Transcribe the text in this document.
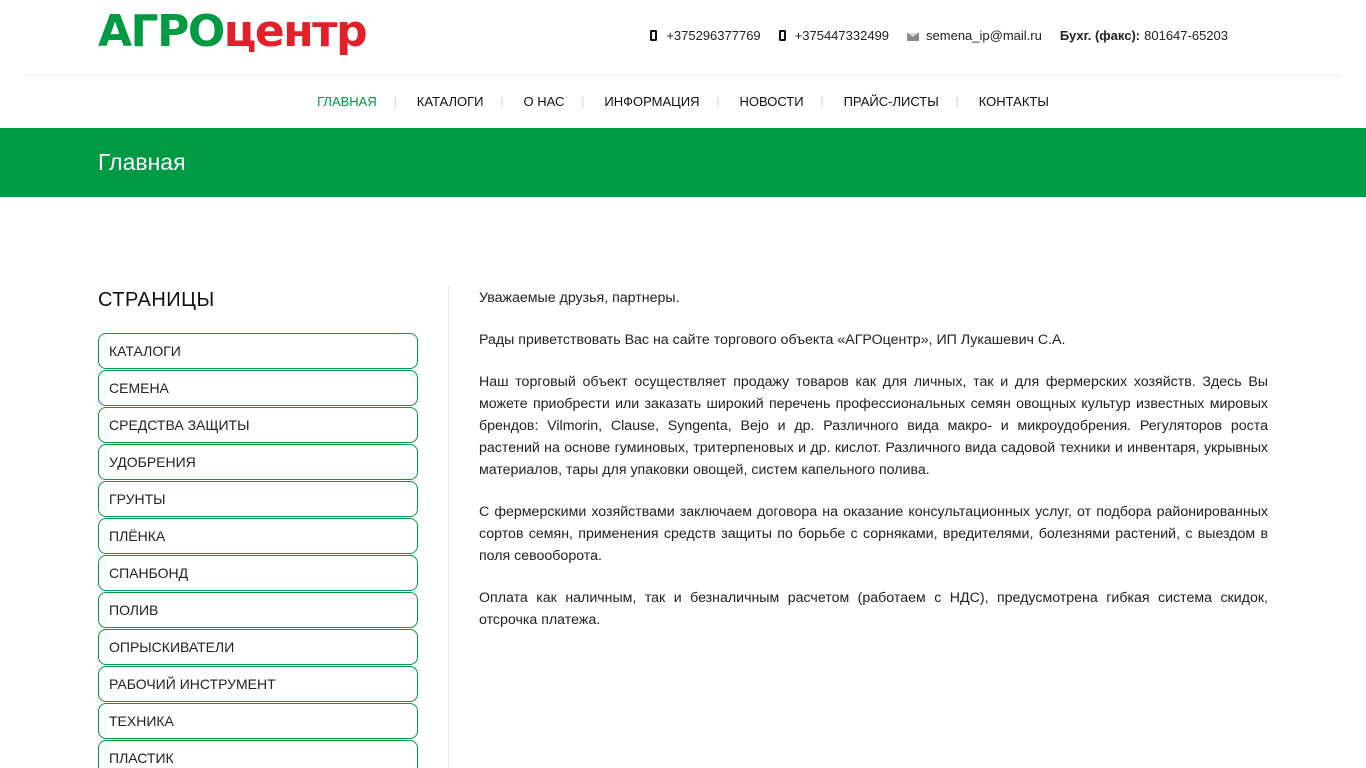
АГРОцентр	+375296377769	+375447332499	semena_ip@mail.ru Бухг. (факс): 801647-65203
ГЛАВНАЯ	| КАТАЛОГИ	| О НАС	| ИНФОРМАЦИЯ	| НОВОСТИ	| ПРАЙС-ЛИСТЫ	| КОНТАКТЫ
Главная
СТРАНИЦЫ
КАТАЛОГИ
СЕМЕНА
СРЕДСТВА ЗАЩИТЫ
УДОБРЕНИЯ
ГРУНТЫ
ПЛЁНКА
СПАНБОНД
ПОЛИВ
ОПРЫСКИВАТЕЛИ
РАБОЧИЙ ИНСТРУМЕНТ
ТЕХНИКА
ПЛАСТИК

Уважаемые друзья, партнеры.

Рады приветствовать Вас на сайте торгового объекта «АГРОцентр», ИП Лукашевич С.А.

Наш торговый объект осуществляет продажу товаров как для личных, так и для фермерских хозяйств. Здесь Вы можете приобрести или заказать широкий перечень профессиональных семян овощных культур известных мировых брендов: Vilmorin, Clause, Syngenta, Bejo и др. Различного вида макро- и микроудобрения. Регуляторов роста растений на основе гуминовых, тритерпеновых и др. кислот. Различного вида садовой техники и инвентаря, укрывных материалов, тары для упаковки овощей, систем капельного полива.

С фермерскими хозяйствами заключаем договора на оказание консультационных услуг, от подбора районированных сортов семян, применения средств защиты по борьбе с сорняками, вредителями, болезнями растений, с выездом в поля севооборота.

Оплата как наличным, так и безналичным расчетом (работаем с НДС), предусмотрена гибкая система скидок, отсрочка платежа.
